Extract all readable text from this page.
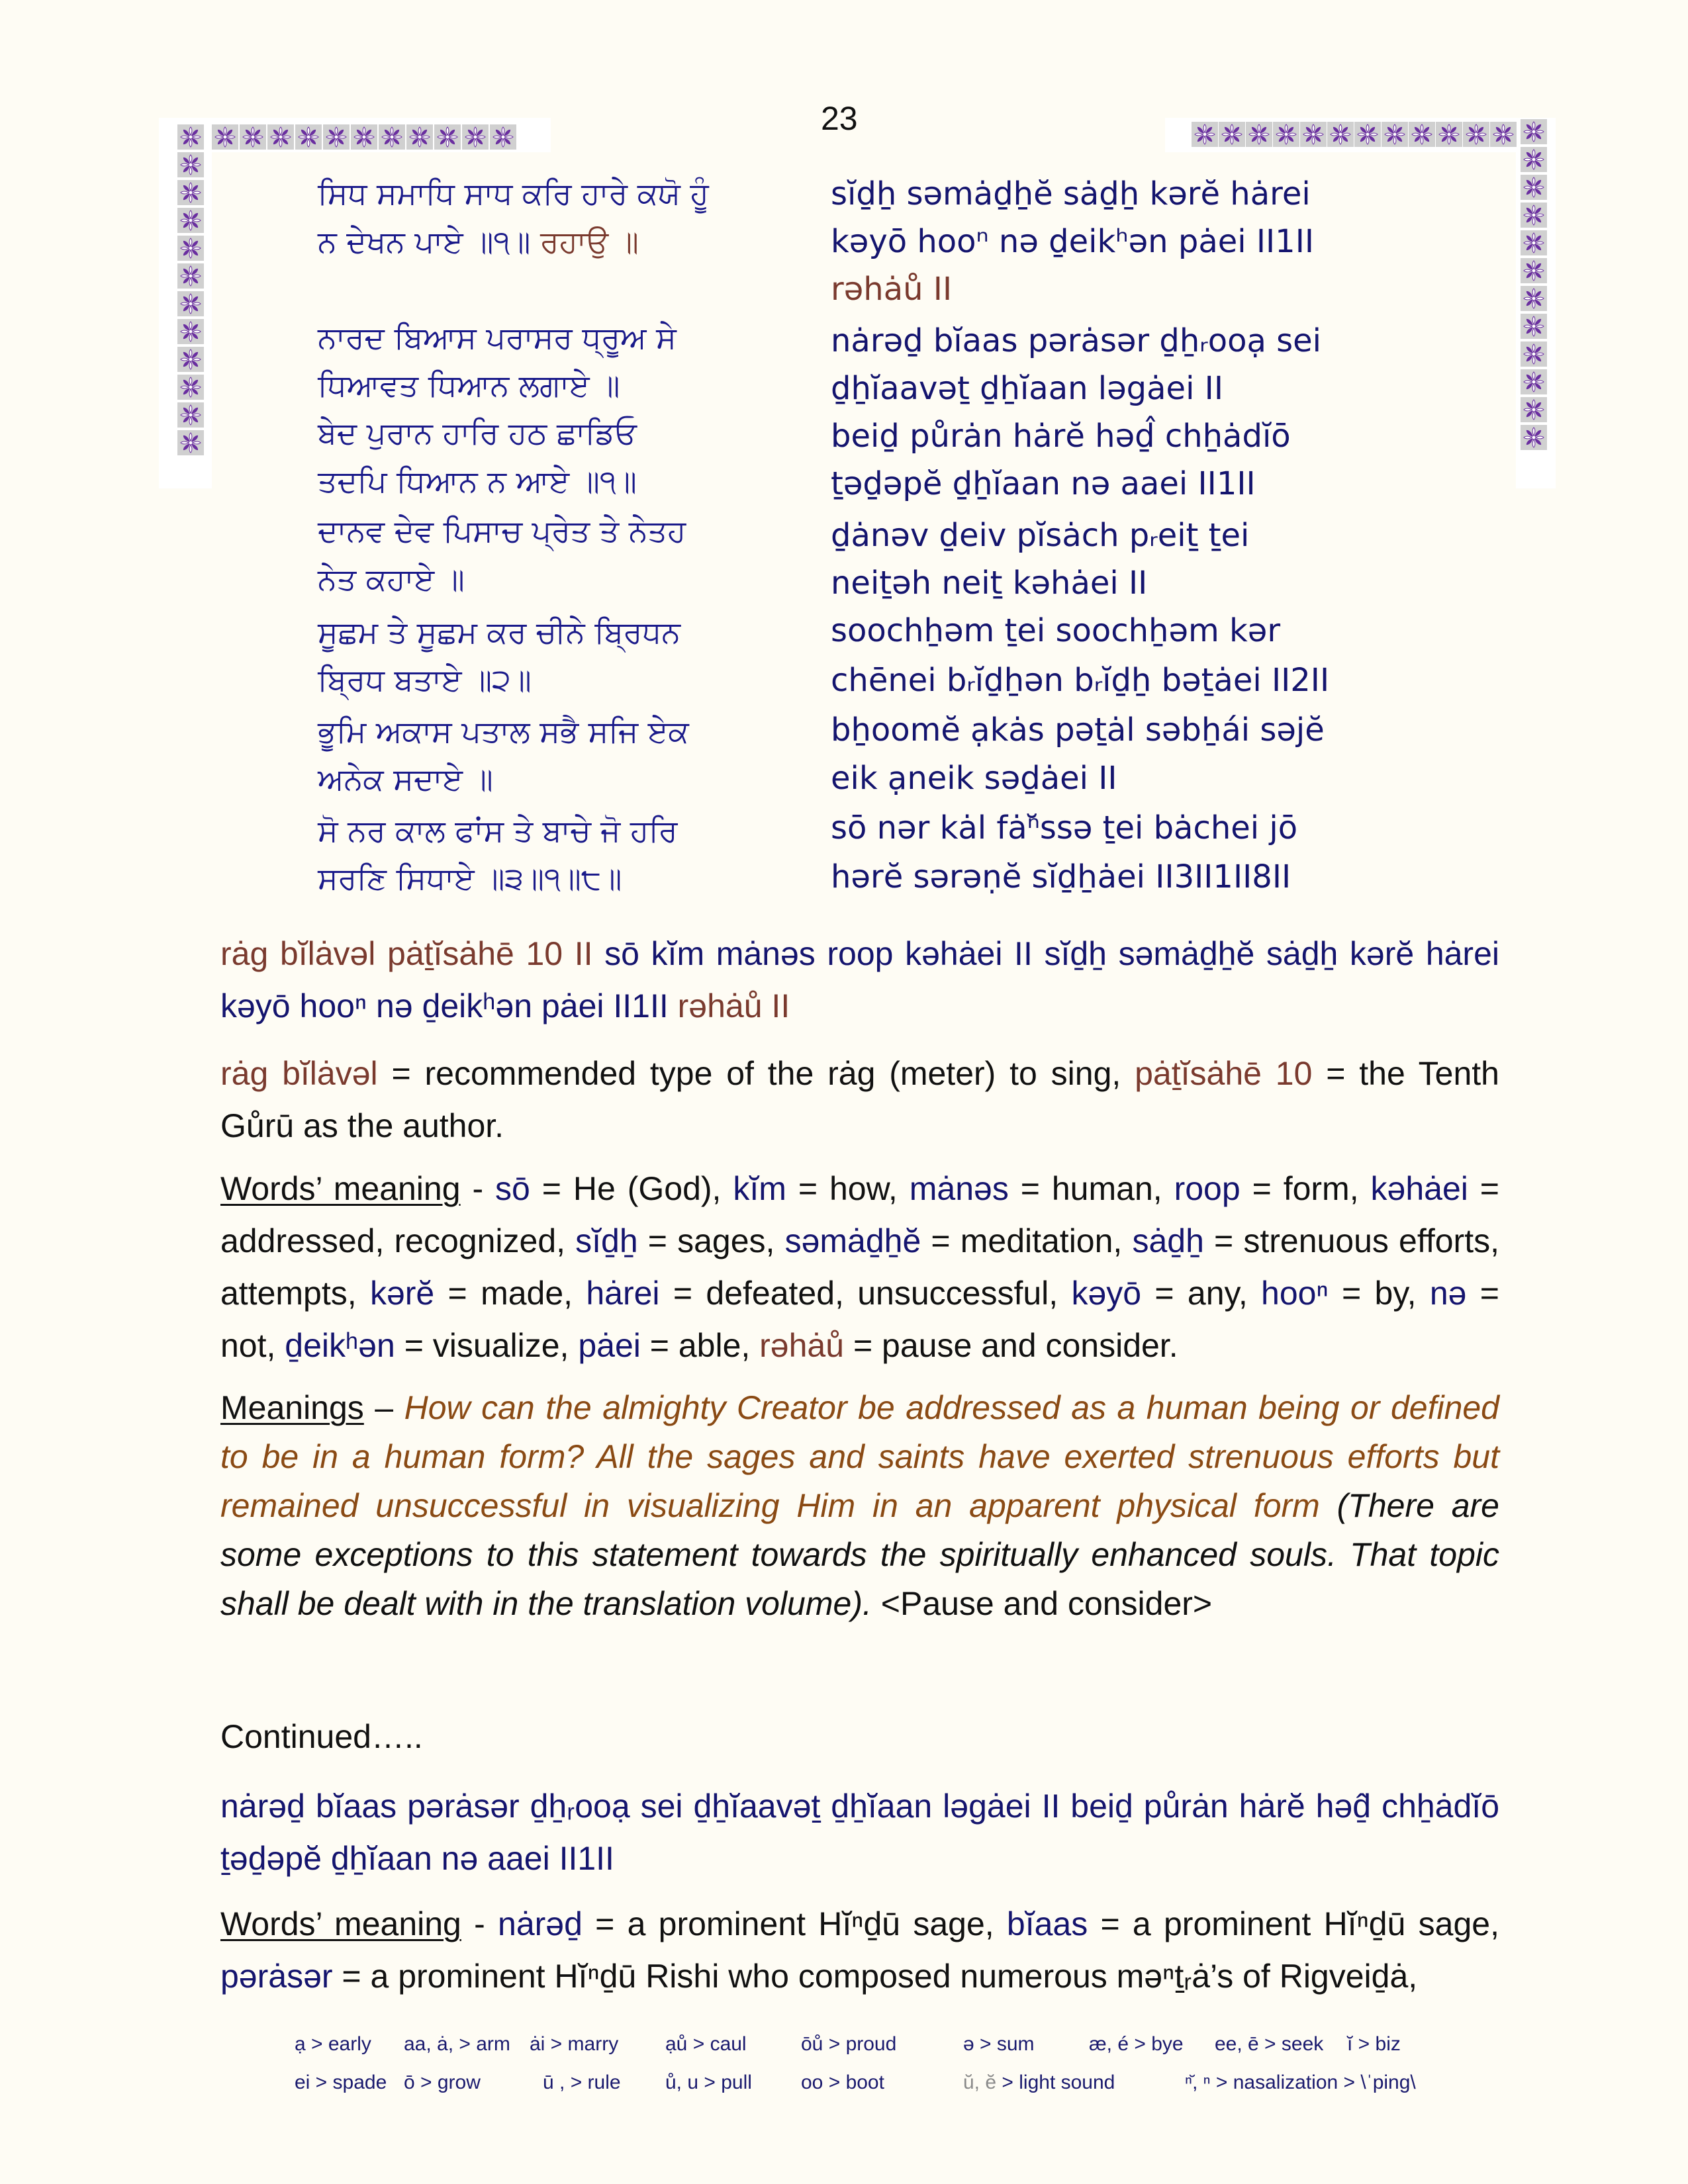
23
ਸਿਧ ਸਮਾਧਿ ਸਾਧ ਕਰਿ ਹਾਰੇ ਕਯੋ ਹੂੰ
ਨ ਦੇਖਨ ਪਾਏ ॥੧॥ ਰਹਾਉ ॥
ਨਾਰਦ ਬਿਆਸ ਪਰਾਸਰ ਧ੍ਰੂਅ ਸੇ
ਧਿਆਵਤ ਧਿਆਨ ਲਗਾਏ ॥
ਬੇਦ ਪੁਰਾਨ ਹਾਰਿ ਹਠ ਛਾਡਿਓ
ਤਦਪਿ ਧਿਆਨ ਨ ਆਏ ॥੧॥
ਦਾਨਵ ਦੇਵ ਪਿਸਾਚ ਪ੍ਰੇਤ ਤੇ ਨੇਤਹ
ਨੇਤ ਕਹਾਏ ॥
ਸੂਛਮ ਤੇ ਸੂਛਮ ਕਰ ਚੀਨੇ ਬ੍ਰਿਧਨ
ਬ੍ਰਿਧ ਬਤਾਏ ॥੨॥
ਭੂਮਿ ਅਕਾਸ ਪਤਾਲ ਸਭੈ ਸਜਿ ਏਕ
ਅਨੇਕ ਸਦਾਏ ॥
ਸੋ ਨਰ ਕਾਲ ਫਾਂਸ ਤੇ ਬਾਚੇ ਜੋ ਹਰਿ
ਸਰਣਿ ਸਿਧਾਏ ॥੩॥੧॥੮॥
sĭḏẖ səmȧḏẖĕ sȧḏẖ kərĕ hȧrei
kəyō hooⁿ nə ḏeikʰən pȧei II1II
rəhȧů II
nȧrəḏ bĭaas pərȧsər ḏẖᵣooạ sei
ḏẖĭaavəṯ ḏẖĭaan ləgȧei II
beiḏ půrȧn hȧrĕ həḏ̂ chẖȧdĭō
ṯəḏəpĕ ḏẖĭaan nə aaei II1II
ḏȧnəv ḏeiv pĭsȧch pᵣeiṯ ṯei
neiṯəh neiṯ kəhȧei II
soochẖəm ṯei soochẖəm kər
chēnei bᵣĭḏẖən bᵣĭḏẖ bəṯȧei II2II
bẖoomĕ ạkȧs pəṯȧl səbẖái səjĕ
eik ạneik səḏȧei II
sō nər kȧl fȧⁿ̆ssə ṯei bȧchei jō
hərĕ sərəṇĕ sĭḏẖȧei II3II1II8II

rȧg bĭlȧvəl pȧṯĭsȧhē 10 II sō kĭm mȧnəs roop kəhȧei II sĭḏẖ səmȧḏẖĕ sȧḏẖ kərĕ hȧrei kəyō hooⁿ nə ḏeikʰən pȧei II1II rəhȧů II

rȧg bĭlȧvəl = recommended type of the rȧg (meter) to sing, pȧṯĭsȧhē 10 = the Tenth Gůrū as the author.

Words’ meaning - sō = He (God), kĭm = how, mȧnəs = human, roop = form, kəhȧei = addressed, recognized, sĭḏẖ = sages, səmȧḏẖĕ = meditation, sȧḏẖ = strenuous efforts, attempts, kərĕ = made, hȧrei = defeated, unsuccessful, kəyō = any, hooⁿ = by, nə = not, ḏeikʰən = visualize, pȧei = able, rəhȧů = pause and consider.

Meanings – How can the almighty Creator be addressed as a human being or defined to be in a human form? All the sages and saints have exerted strenuous efforts but remained unsuccessful in visualizing Him in an apparent physical form (There are some exceptions to this statement towards the spiritually enhanced souls. That topic shall be dealt with in the translation volume). <Pause and consider>

Continued…..

nȧrəḏ bĭaas pərȧsər ḏẖᵣooạ sei ḏẖĭaavəṯ ḏẖĭaan ləgȧei II beiḏ půrȧn hȧrĕ həḏ̂ chẖȧdĭō ṯəḏəpĕ ḏẖĭaan nə aaei II1II

Words’ meaning - nȧrəḏ = a prominent Hĭⁿḏū sage, bĭaas = a prominent Hĭⁿḏū sage, pərȧsər = a prominent Hĭⁿḏū Rishi who composed numerous məⁿṯᵣȧ’s of Rigveiḏȧ,

ạ > early aa, ȧ, > arm ȧi > marry ạů > caul	ōů > proud	ə > sum	æ, é > bye ee, ē > seek ĭ > biz
ei > spade ō > grow	ū , > rule ů, u > pull oo > boot	ŭ, ĕ > light sound	ⁿ̆, ⁿ > nasalization > \ˈping\
